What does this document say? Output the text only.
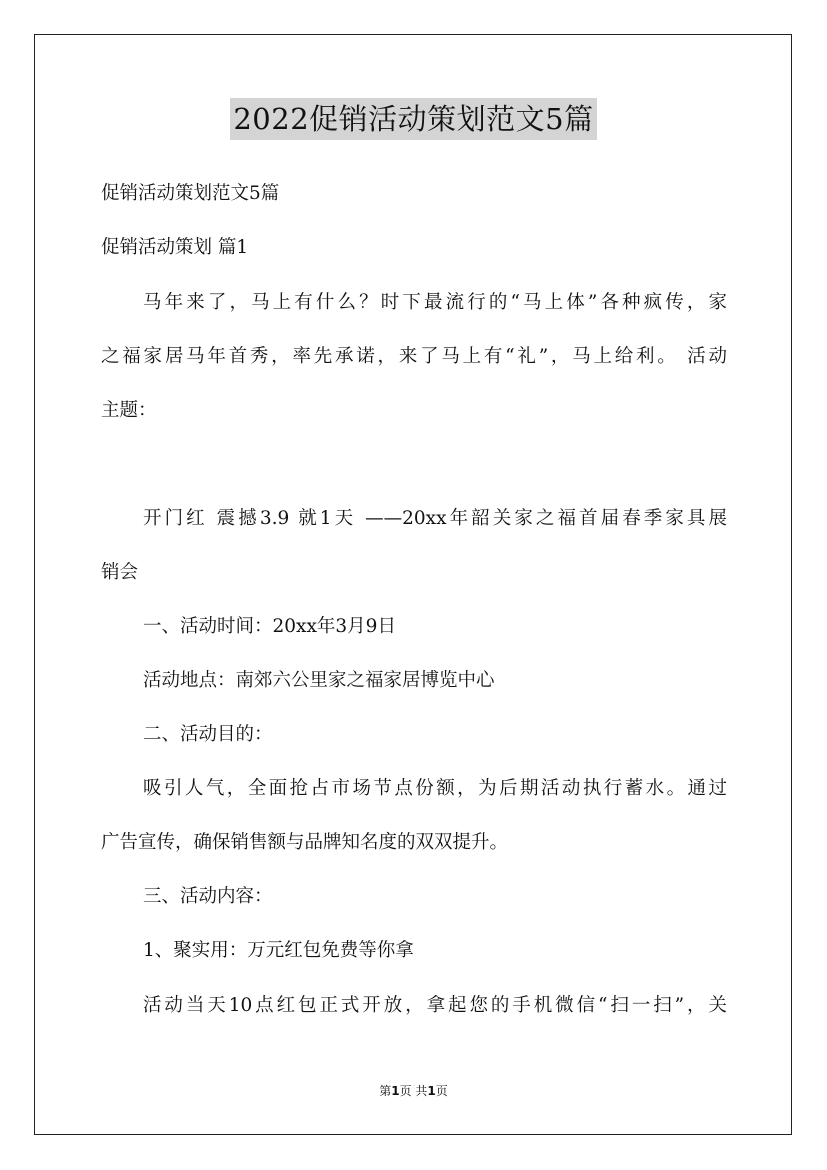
2022促销活动策划范文5篇
促销活动策划范文5篇
促销活动策划 篇1
马年来了，马上有什么？时下最流行的“马上体”各种疯传，家
之福家居马年首秀，率先承诺，来了马上有“礼”，马上给利。 活动
主题：
开门红 震撼3.9 就1天 ——20xx年韶关家之福首届春季家具展
销会
一、活动时间：20xx年3月9日
活动地点：南郊六公里家之福家居博览中心
二、活动目的：
吸引人气，全面抢占市场节点份额，为后期活动执行蓄水。通过
广告宣传，确保销售额与品牌知名度的双双提升。
三、活动内容：
1、聚实用：万元红包免费等你拿
活动当天10点红包正式开放，拿起您的手机微信“扫一扫”，关
第1页 共1页
